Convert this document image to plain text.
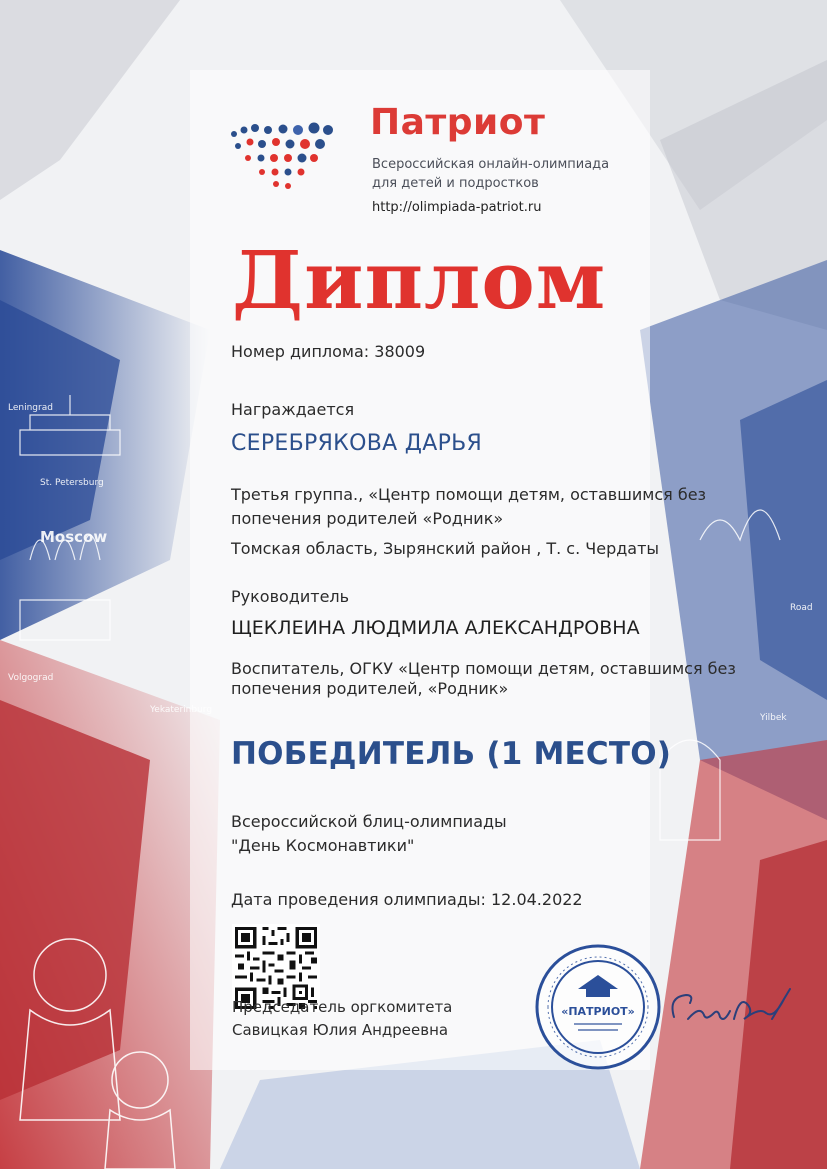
Moscow
St. Petersburg
Leningrad
Volgograd
Yekaterinburg
Yilbek
Road
Патриот
Всероссийская онлайн-олимпиада
для детей и подростков
http://olimpiada-patriot.ru
Диплом
Номер диплома: 38009
Награждается
СЕРЕБРЯКОВА ДАРЬЯ
Третья группа., «Центр помощи детям, оставшимся без попечения родителей «Родник»
Томская область, Зырянский район , Т. с. Чердаты
Руководитель
ЩЕКЛЕИНА ЛЮДМИЛА АЛЕКСАНДРОВНА
Воспитатель, ОГКУ «Центр помощи детям, оставшимся без попечения родителей, «Родник»
ПОБЕДИТЕЛЬ (1 МЕСТО)
Всероссийской блиц-олимпиады
"День Космонавтики"
Дата проведения олимпиады: 12.04.2022
Председатель оргкомитета
Савицкая Юлия Андреевна
«ПАТРИОТ»
